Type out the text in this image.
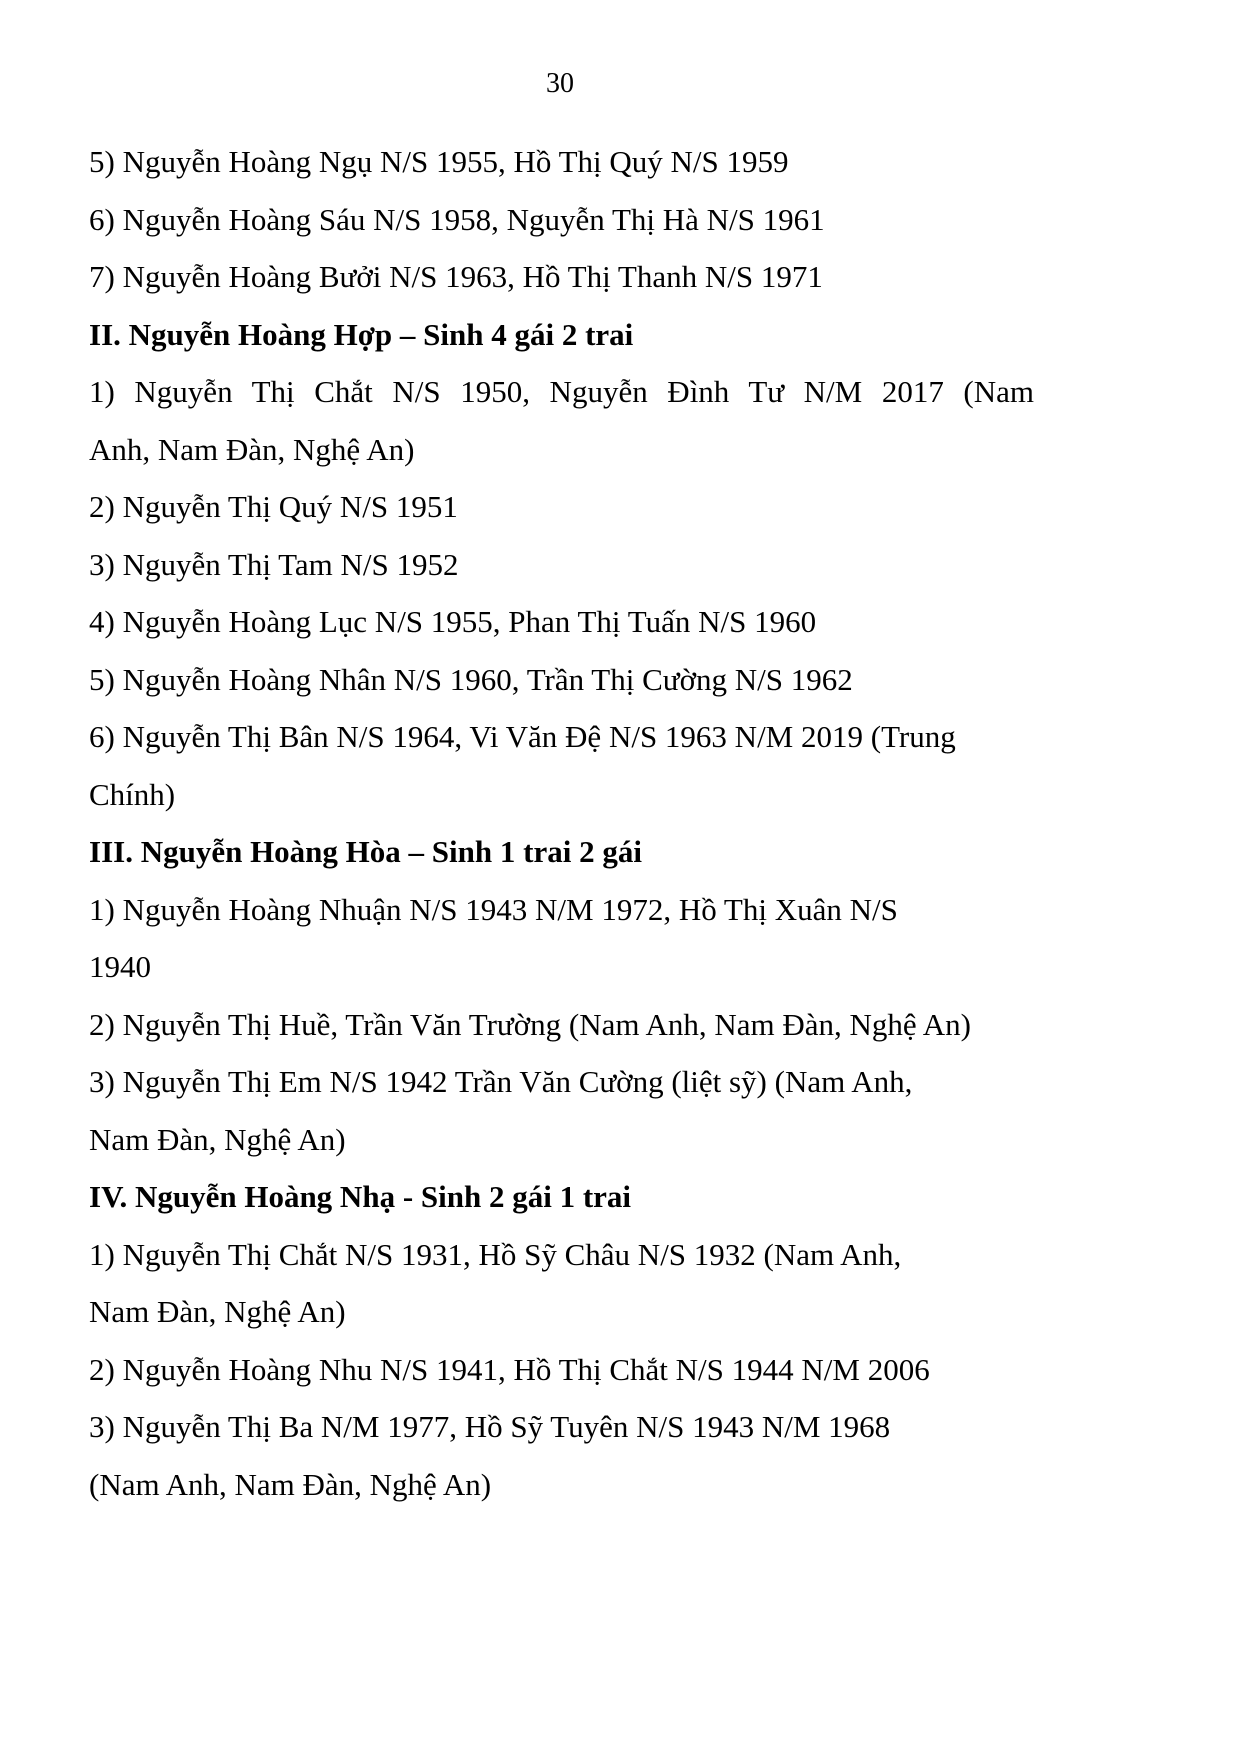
30
5) Nguyễn Hoàng Ngụ N/S 1955, Hồ Thị Quý N/S 1959
6) Nguyễn Hoàng Sáu N/S 1958, Nguyễn Thị Hà N/S 1961
7) Nguyễn Hoàng Bưởi N/S 1963, Hồ Thị Thanh N/S 1971
II. Nguyễn Hoàng Hợp – Sinh 4 gái 2 trai
1) Nguyễn Thị Chắt N/S 1950, Nguyễn Đình Tư N/M 2017 (Nam
Anh, Nam Đàn, Nghệ An)
2) Nguyễn Thị Quý N/S 1951
3) Nguyễn Thị Tam N/S 1952
4) Nguyễn Hoàng Lục N/S 1955, Phan Thị Tuấn N/S 1960
5) Nguyễn Hoàng Nhân N/S 1960, Trần Thị Cường N/S 1962
6) Nguyễn Thị Bân N/S 1964, Vi Văn Đệ N/S 1963 N/M 2019 (Trung
Chính)
III. Nguyễn Hoàng Hòa – Sinh 1 trai 2 gái
1) Nguyễn Hoàng Nhuận N/S 1943 N/M 1972, Hồ Thị Xuân N/S
1940
2) Nguyễn Thị Huề, Trần Văn Trường (Nam Anh, Nam Đàn, Nghệ An)
3) Nguyễn Thị Em N/S 1942 Trần Văn Cường (liệt sỹ) (Nam Anh,
Nam Đàn, Nghệ An)
IV. Nguyễn Hoàng Nhạ - Sinh 2 gái 1 trai
1) Nguyễn Thị Chắt N/S 1931, Hồ Sỹ Châu N/S 1932 (Nam Anh,
Nam Đàn, Nghệ An)
2) Nguyễn Hoàng Nhu N/S 1941, Hồ Thị Chắt N/S 1944 N/M 2006
3) Nguyễn Thị Ba N/M 1977, Hồ Sỹ Tuyên N/S 1943 N/M 1968
(Nam Anh, Nam Đàn, Nghệ An)
